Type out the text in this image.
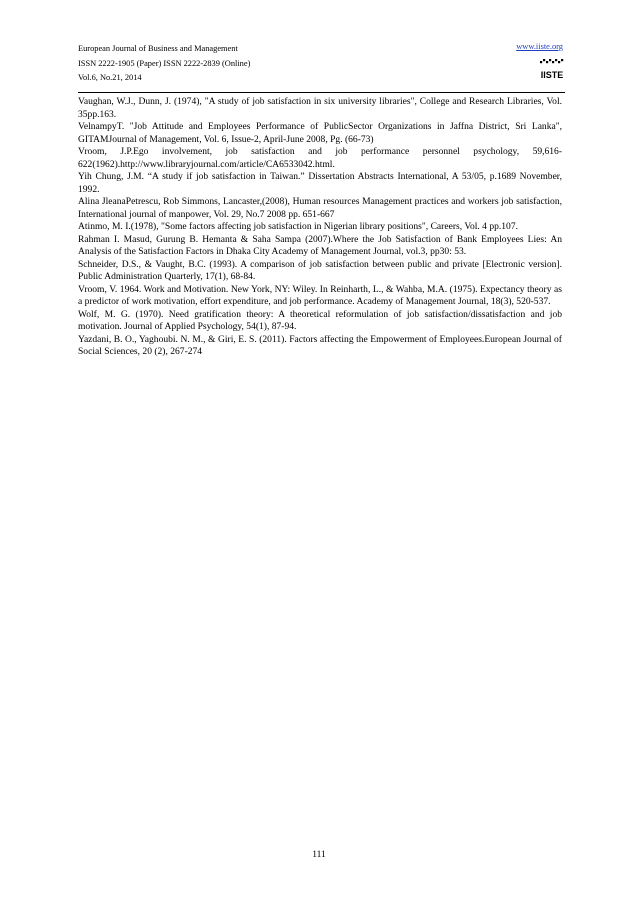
European Journal of Business and Management
ISSN 2222-1905 (Paper) ISSN 2222-2839 (Online)
Vol.6, No.21, 2014
www.iiste.org
IISTE

Vaughan, W.J., Dunn, J. (1974), "A study of job satisfaction in six university libraries", College and Research Libraries, Vol. 35pp.163.

VelnampyT. "Job Attitude and Employees Performance of PublicSector Organizations in Jaffna District, Sri Lanka", GITAMJournal of Management, Vol. 6, Issue-2, April-June 2008, Pg. (66-73)

Vroom, J.P.Ego involvement, job satisfaction and job performance personnel psychology, 59,616-622(1962).http://www.libraryjournal.com/article/CA6533042.html.

Yih Chung, J.M. “A study if job satisfaction in Taiwan.” Dissertation Abstracts International, A 53/05, p.1689 November, 1992.

Alina JleanaPetrescu, Rob Simmons, Lancaster,(2008), Human resources Management practices and workers job satisfaction, International journal of manpower, Vol. 29, No.7 2008 pp. 651-667

Atinmo, M. I.(1978), "Some factors affecting job satisfaction in Nigerian library positions", Careers, Vol. 4 pp.107.

Rahman I. Masud, Gurung B. Hemanta & Saha Sampa (2007).Where the Job Satisfaction of Bank Employees Lies: An Analysis of the Satisfaction Factors in Dhaka City Academy of Management Journal, vol.3, pp30: 53.

Schneider, D.S., & Vaught, B.C. (1993). A comparison of job satisfaction between public and private [Electronic version]. Public Administration Quarterly, 17(1), 68-84.

Vroom, V. 1964. Work and Motivation. New York, NY: Wiley. In Reinharth, L., & Wahba, M.A. (1975). Expectancy theory as a predictor of work motivation, effort expenditure, and job performance. Academy of Management Journal, 18(3), 520-537.

Wolf, M. G. (1970). Need gratification theory: A theoretical reformulation of job satisfaction/dissatisfaction and job motivation. Journal of Applied Psychology, 54(1), 87-94.

Yazdani, B. O., Yaghoubi. N. M., & Giri, E. S. (2011). Factors affecting the Empowerment of Employees.European Journal of Social Sciences, 20 (2), 267-274

111
